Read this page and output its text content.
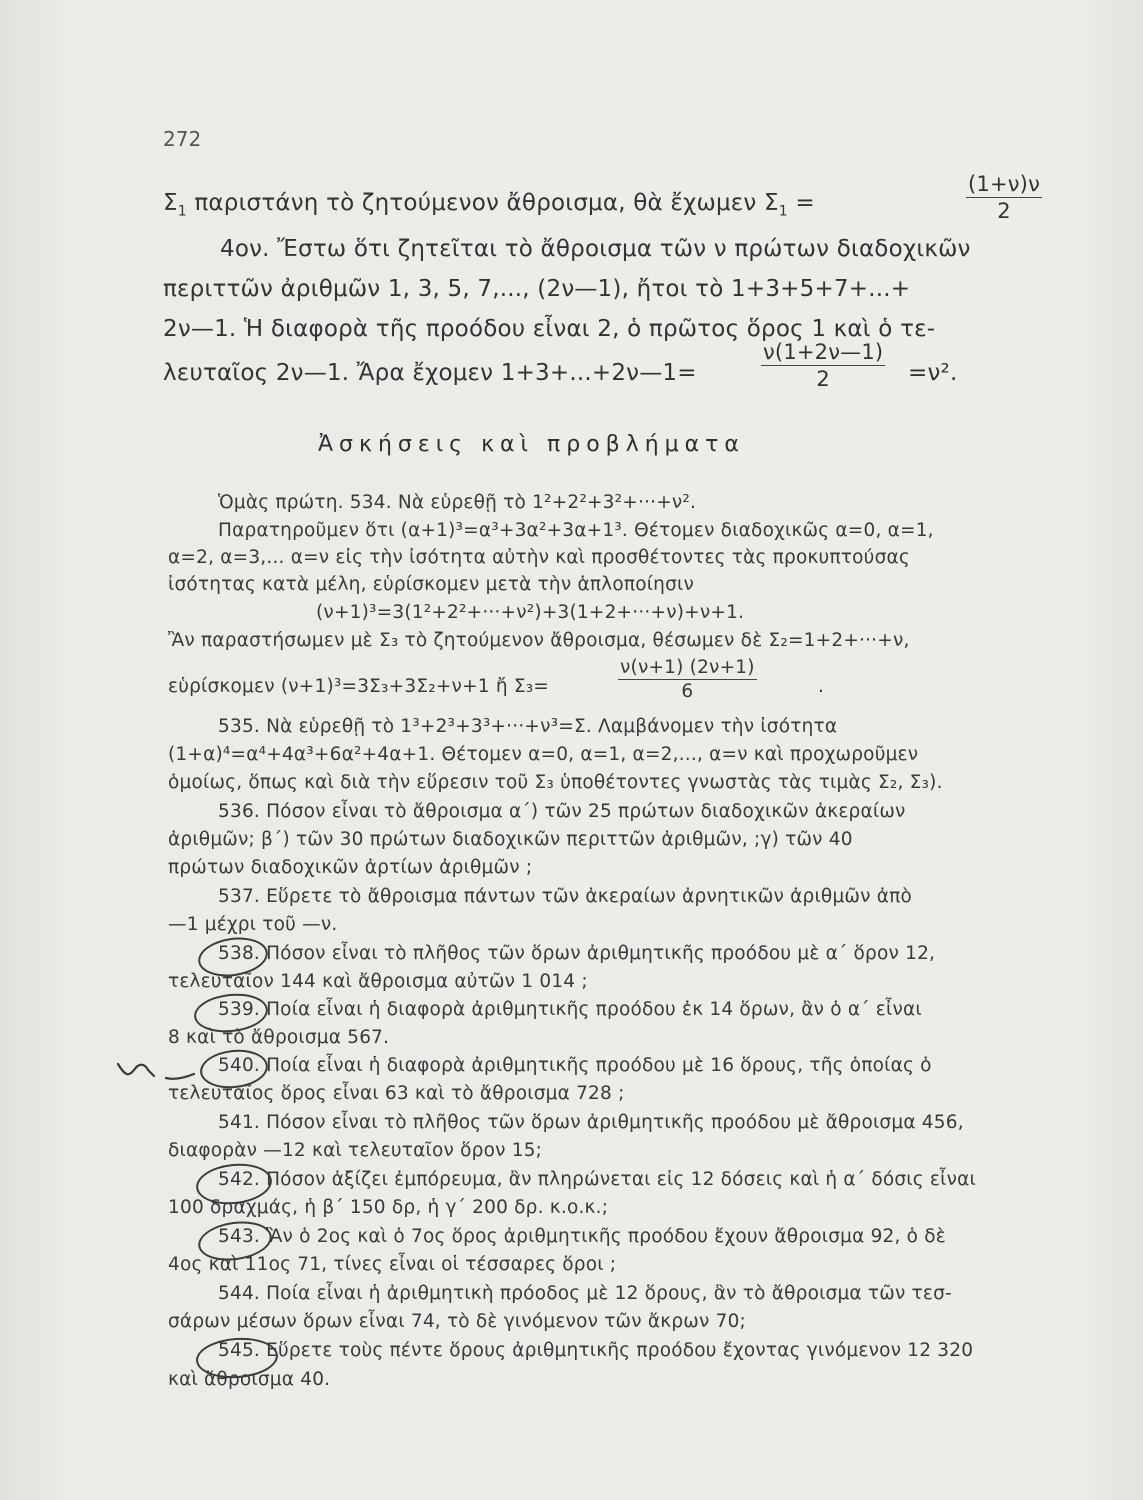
272
$\Sigma_1$ παριστάνη τὸ ζητούμενον ἄθροισμα, θὰ ἔχωμεν $\Sigma_1$ =	$\frac{(1+\nu)\nu}{2}$
4ον. Ἔστω ὅτι ζητεῖται τὸ ἄθροισμα τῶν ν πρώτων διαδοχικῶν
περιττῶν ἀριθμῶν 1, 3, 5, 7,..., (2ν—1), ἤτοι τὸ 1+3+5+7+...+
2ν—1. Ἡ διαφορὰ τῆς προόδου εἶναι 2, ὁ πρῶτος ὅρος 1 καὶ ὁ τε-
λευταῖος 2ν—1. Ἄρα ἔχομεν 1+3+...+2ν—1=	$\frac{\nu(1+2\nu—1)}{2} =\nu^2$.
Ἀσκήσεις καὶ προβλήματα
Ὁμὰς πρώτη. 534. Νὰ εὑρεθῇ τὸ 1²+2²+3²+···+ν².
Παρατηροῦμεν ὅτι (α+1)³=α³+3α²+3α+1³. Θέτομεν διαδοχικῶς α=0, α=1,
α=2, α=3,... α=ν εἰς τὴν ἰσότητα αὐτὴν καὶ προσθέτοντες τὰς προκυπτούσας
ἰσότητας κατὰ μέλη, εὑρίσκομεν μετὰ τὴν ἁπλοποίησιν
(ν+1)³=3(1²+2²+···+ν²)+3(1+2+···+ν)+ν+1.
Ἂν παραστήσωμεν μὲ Σ₃ τὸ ζητούμενον ἄθροισμα, θέσωμεν δὲ Σ₂=1+2+···+ν,
εὑρίσκομεν (ν+1)³=3Σ₃+3Σ₂+ν+1 ἤ Σ₃=	$\frac{\nu(\nu+1) (2\nu+1)}{6}$	.
535. Νὰ εὑρεθῇ τὸ 1³+2³+3³+···+ν³=Σ. Λαμβάνομεν τὴν ἰσότητα
(1+α)⁴=α⁴+4α³+6α²+4α+1. Θέτομεν α=0, α=1, α=2,..., α=ν καὶ προχωροῦμεν
ὁμοίως, ὅπως καὶ διὰ τὴν εὕρεσιν τοῦ Σ₃ ὑποθέτοντες γνωστὰς τὰς τιμὰς Σ₂, Σ₃).
536. Πόσον εἶναι τὸ ἄθροισμα α΄) τῶν 25 πρώτων διαδοχικῶν ἀκεραίων
ἀριθμῶν; β΄) τῶν 30 πρώτων διαδοχικῶν περιττῶν ἀριθμῶν, ;γ) τῶν 40
πρώτων διαδοχικῶν ἀρτίων ἀριθμῶν ;
537. Εὕρετε τὸ ἄθροισμα πάντων τῶν ἀκεραίων ἀρνητικῶν ἀριθμῶν ἀπὸ
—1 μέχρι τοῦ —ν.
538. Πόσον εἶναι τὸ πλῆθος τῶν ὅρων ἀριθμητικῆς προόδου μὲ α΄ ὅρον 12,
τελευταῖον 144 καὶ ἄθροισμα αὐτῶν 1 014 ;
539. Ποία εἶναι ἡ διαφορὰ ἀριθμητικῆς προόδου ἐκ 14 ὅρων, ἂν ὁ α΄ εἶναι
8 καὶ τὸ ἄθροισμα 567.
540. Ποία εἶναι ἡ διαφορὰ ἀριθμητικῆς προόδου μὲ 16 ὅρους, τῆς ὁποίας ὁ
τελευταῖος ὅρος εἶναι 63 καὶ τὸ ἄθροισμα 728 ;
541. Πόσον εἶναι τὸ πλῆθος τῶν ὅρων ἀριθμητικῆς προόδου μὲ ἄθροισμα 456,
διαφορὰν —12 καὶ τελευταῖον ὅρον 15;
542. Πόσον ἀξίζει ἐμπόρευμα, ἂν πληρώνεται εἰς 12 δόσεις καὶ ἡ α΄ δόσις εἶναι
100 δραχμάς, ἡ β΄ 150 δρ, ἡ γ΄ 200 δρ. κ.ο.κ.;
543. Ἂν ὁ 2ος καὶ ὁ 7ος ὅρος ἀριθμητικῆς προόδου ἔχουν ἄθροισμα 92, ὁ δὲ
4ος καὶ 11ος 71, τίνες εἶναι οἱ τέσσαρες ὅροι ;
544. Ποία εἶναι ἡ ἀριθμητικὴ πρόοδος μὲ 12 ὅρους, ἂν τὸ ἄθροισμα τῶν τεσ-
σάρων μέσων ὅρων εἶναι 74, τὸ δὲ γινόμενον τῶν ἄκρων 70;
545. Εὕρετε τοὺς πέντε ὅρους ἀριθμητικῆς προόδου ἔχοντας γινόμενον 12 320
καὶ ἄθροισμα 40.
